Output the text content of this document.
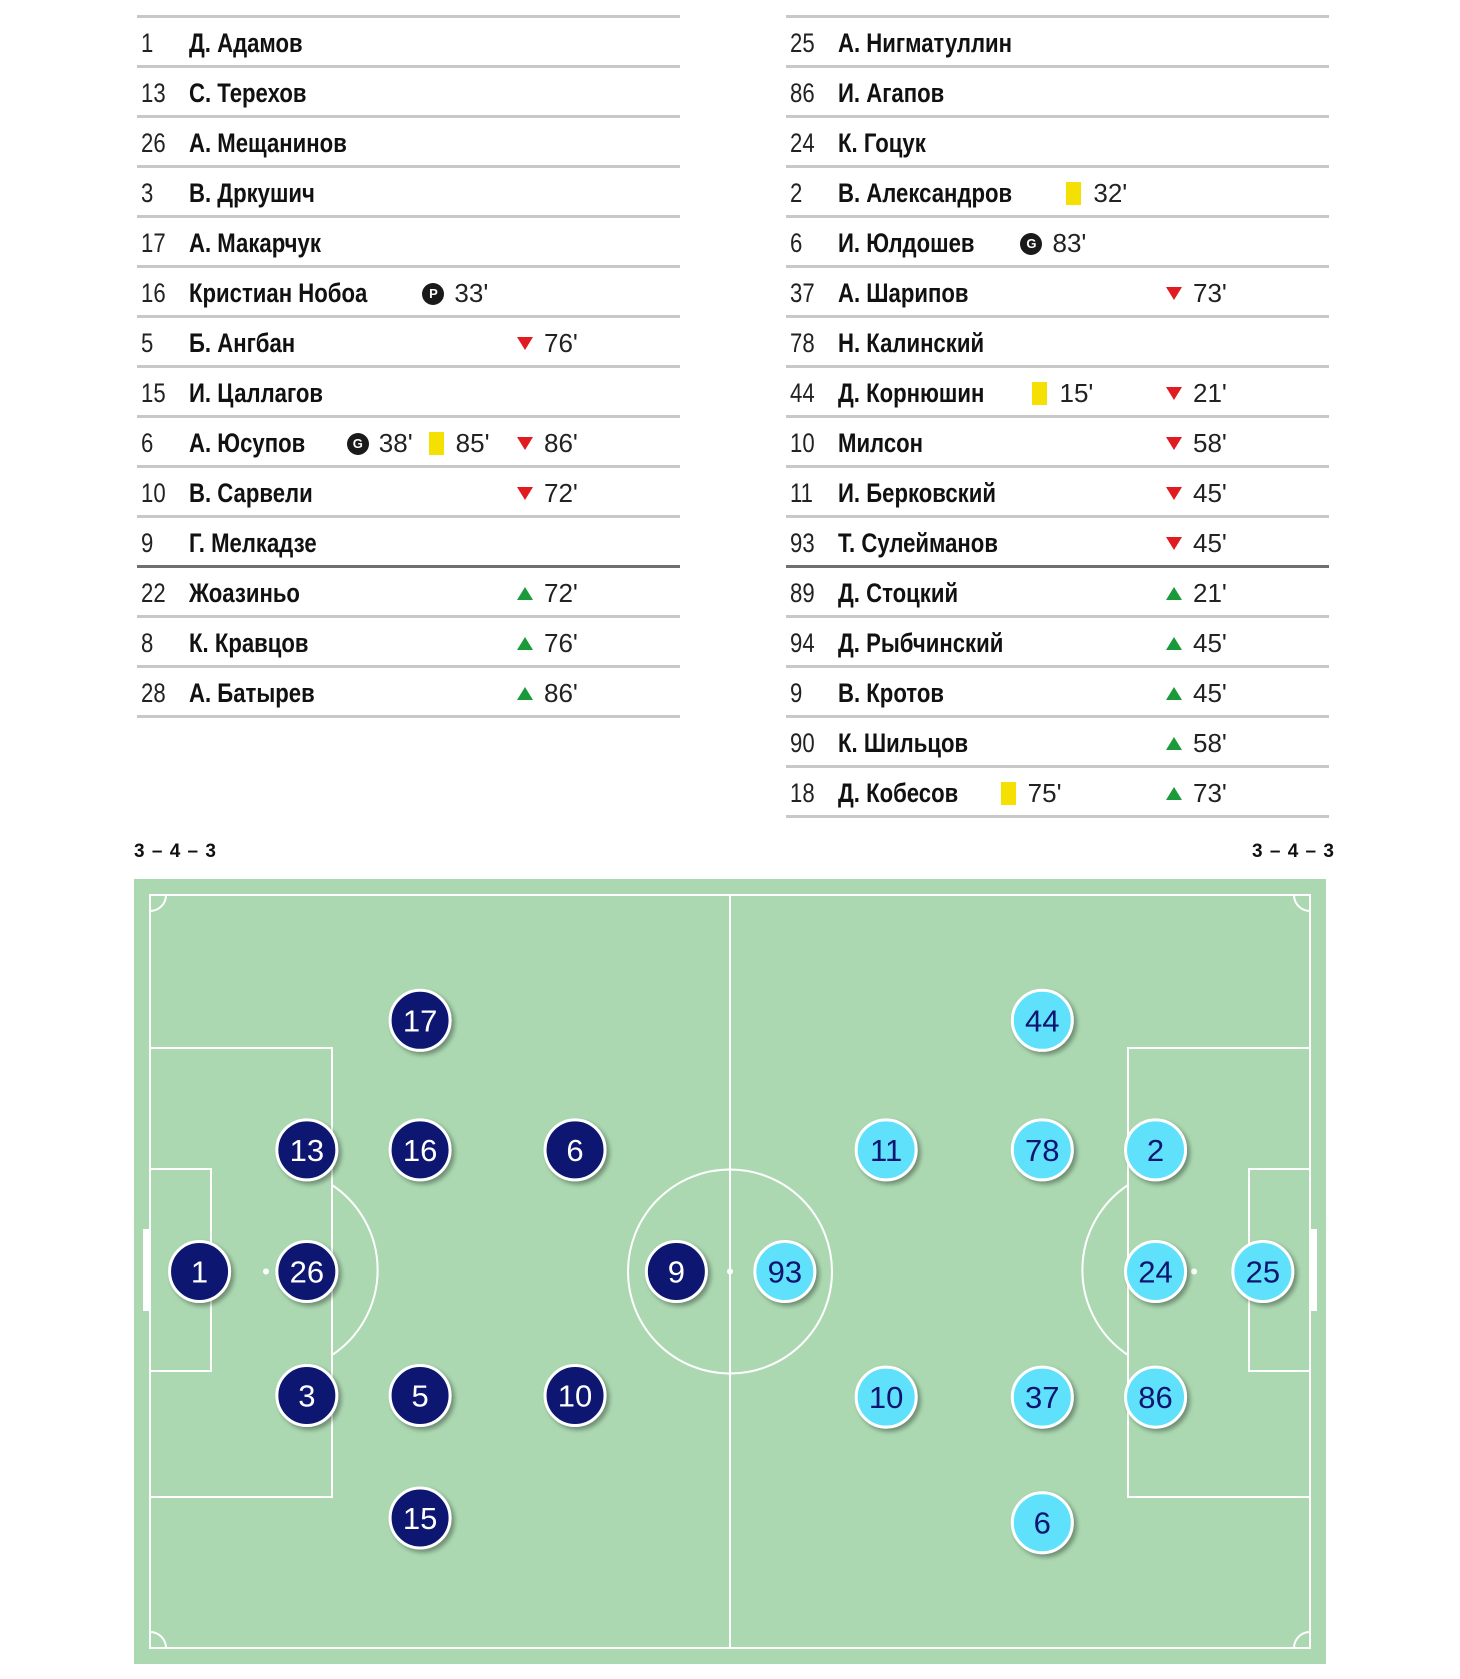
1 Д. Адамов
13 С. Терехов
26 А. Мещанинов
3 В. Дркушич
17 А. Макарчук
16 Кристиан Нобоа	P 33'
5 Б. Ангбан	76'
15 И. Цаллагов
6 А. Юсупов	G 38' 85' 86'
10 В. Сарвели	72'
9 Г. Мелкадзе
22 Жоазиньо	72'
8 К. Кравцов	76'
28 А. Батырев	86'
25 А. Нигматуллин
86 И. Агапов
24 К. Гоцук
2 В. Александров	32'
6 И. Юлдошев	G 83'
37 А. Шарипов	73'
78 Н. Калинский
44 Д. Корнюшин	15'	21'
10 Милсон	58'
11 И. Берковский	45'
93 Т. Сулейманов	45'
89 Д. Стоцкий	21'
94 Д. Рыбчинский	45'
9 В. Кротов	45'
90 К. Шильцов	58'
18 Д. Кобесов	75'	73'
3 – 4 – 3	3 – 4 – 3
1
13
26
3
17
16
5
15
6
10
9	93
44
11	78	2
24 25
10	37	86
6
